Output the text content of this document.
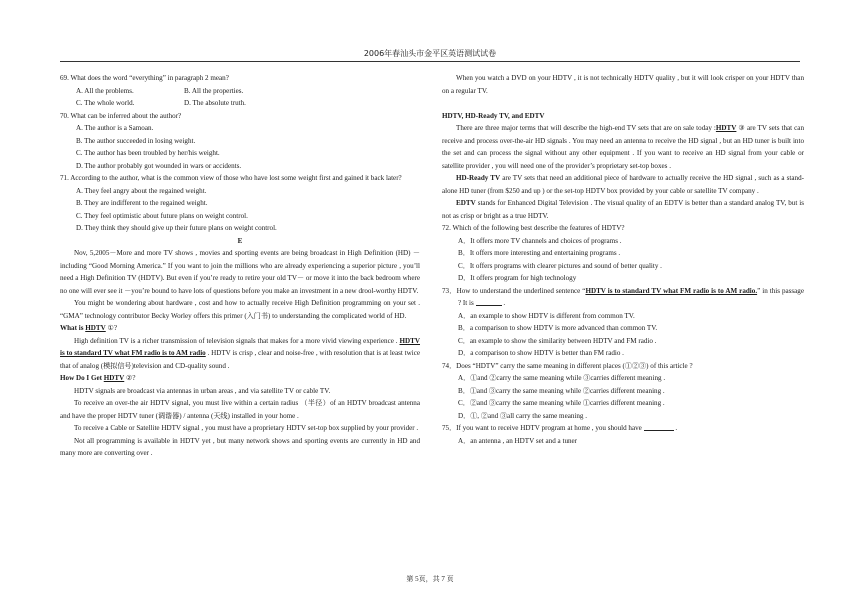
2006年春汕头市金平区英语测试试卷

69. What does the word “everything” in paragraph 2 mean?

A. All the problems.	B. All the properties.
C. The whole world.	D. The absolute truth.

70. What can be inferred about the author?

A. The author is a Samoan.

B. The author succeeded in losing weight.

C. The author has been troubled by her/his weight.

D. The author probably got wounded in wars or accidents.

71. According to the author, what is the common view of those who have lost some weight first and gained it back later?

A. They feel angry about the regained weight.

B. They are indifferent to the regained weight.

C. They feel optimistic about future plans on weight control.

D. They think they should give up their future plans on weight control.

E

Nov, 5,2005－More and more TV shows , movies and sporting events are being broadcast in High Definition (HD) －including “Good Morning America.” If you want to join the millions who are already experiencing a superior picture , you’ll need a High Definition TV (HDTV). But even if you’re ready to retire your old TV－ or move it into the back bedroom where no one will ever see it －you’re bound to have lots of questions before you make an investment in a new drool-worthy HDTV.

You might be wondering about hardware , cost and how to actually receive High Definition programming on your set . “GMA” technology contributor Becky Worley offers this primer (入门书) to understanding the complicated world of HD.

What is HDTV ①?

High definition TV is a richer transmission of television signals that makes for a more vivid viewing experience . HDTV is to standard TV what FM radio is to AM radio . HDTV is crisp , clear and noise-free , with resolution that is at least twice that of analog (模拟信号)television and CD-quality sound .

How Do I Get HDTV ②?

HDTV signals are broadcast via antennas in urban areas , and via satellite TV or cable TV.

To receive an over-the air HDTV signal, you must live within a certain radius （半径）of an HDTV broadcast antenna and have the proper HDTV tuner (调谐器) / antenna (天线) installed in your home .

To receive a Cable or Satellite HDTV signal , you must have a proprietary HDTV set-top box supplied by your provider .

Not all programming is available in HDTV yet , but many network shows and sporting events are currently in HD and many more are converting over .

When you watch a DVD on your HDTV , it is not technically HDTV quality , but it will look crisper on your HDTV than on a regular TV.

HDTV, HD-Ready TV, and EDTV

There are three major terms that will describe the high-end TV sets that are on sale today :HDTV ③ are TV sets that can receive and process over-the-air HD signals . You may need an antenna to receive the HD signal , but an HD tuner is built into the set and can process the signal without any other equipment . If you want to receive an HD signal from your cable or satellite provider , you will need one of the provider’s proprietary set-top boxes .

HD-Ready TV are TV sets that need an additional piece of hardware to actually receive the HD signal , such as a stand-alone HD tuner (from $250 and up ) or the set-top HDTV box provided by your cable or satellite TV company .

EDTV stands for Enhanced Digital Television . The visual quality of an EDTV is better than a standard analog TV, but is not as crisp or bright as a true HDTV.

72. Which of the following best describe the features of HDTV?

A．It offers more TV channels and choices of programs .

B．It offers more interesting and entertaining programs .

C．It offers programs with clearer pictures and sound of better quality .

D．It offers program for high technology

73．How to understand the underlined sentence “HDTV is to standard TV what FM radio is to AM radio.” in this passage ? It is	.

A．an example to show HDTV is different from common TV.

B．a comparison to show HDTV is more advanced than common TV.

C．an example to show the similarity between HDTV and FM radio .

D．a comparison to show HDTV is better than FM radio .

74．Does “HDTV” carry the same meaning in different places (①②③) of this article ?

A．①and ②carry the same meaning while ③carries different meaning .

B．①and ③carry the same meaning while ②carries different meaning .

C．②and ③carry the same meaning while ①carries different meaning .

D．①, ②and ③all carry the same meaning .

75．If you want to receive HDTV program at home , you should have	.

A．an antenna , an HDTV set and a tuner

第 5页，共 7 页
